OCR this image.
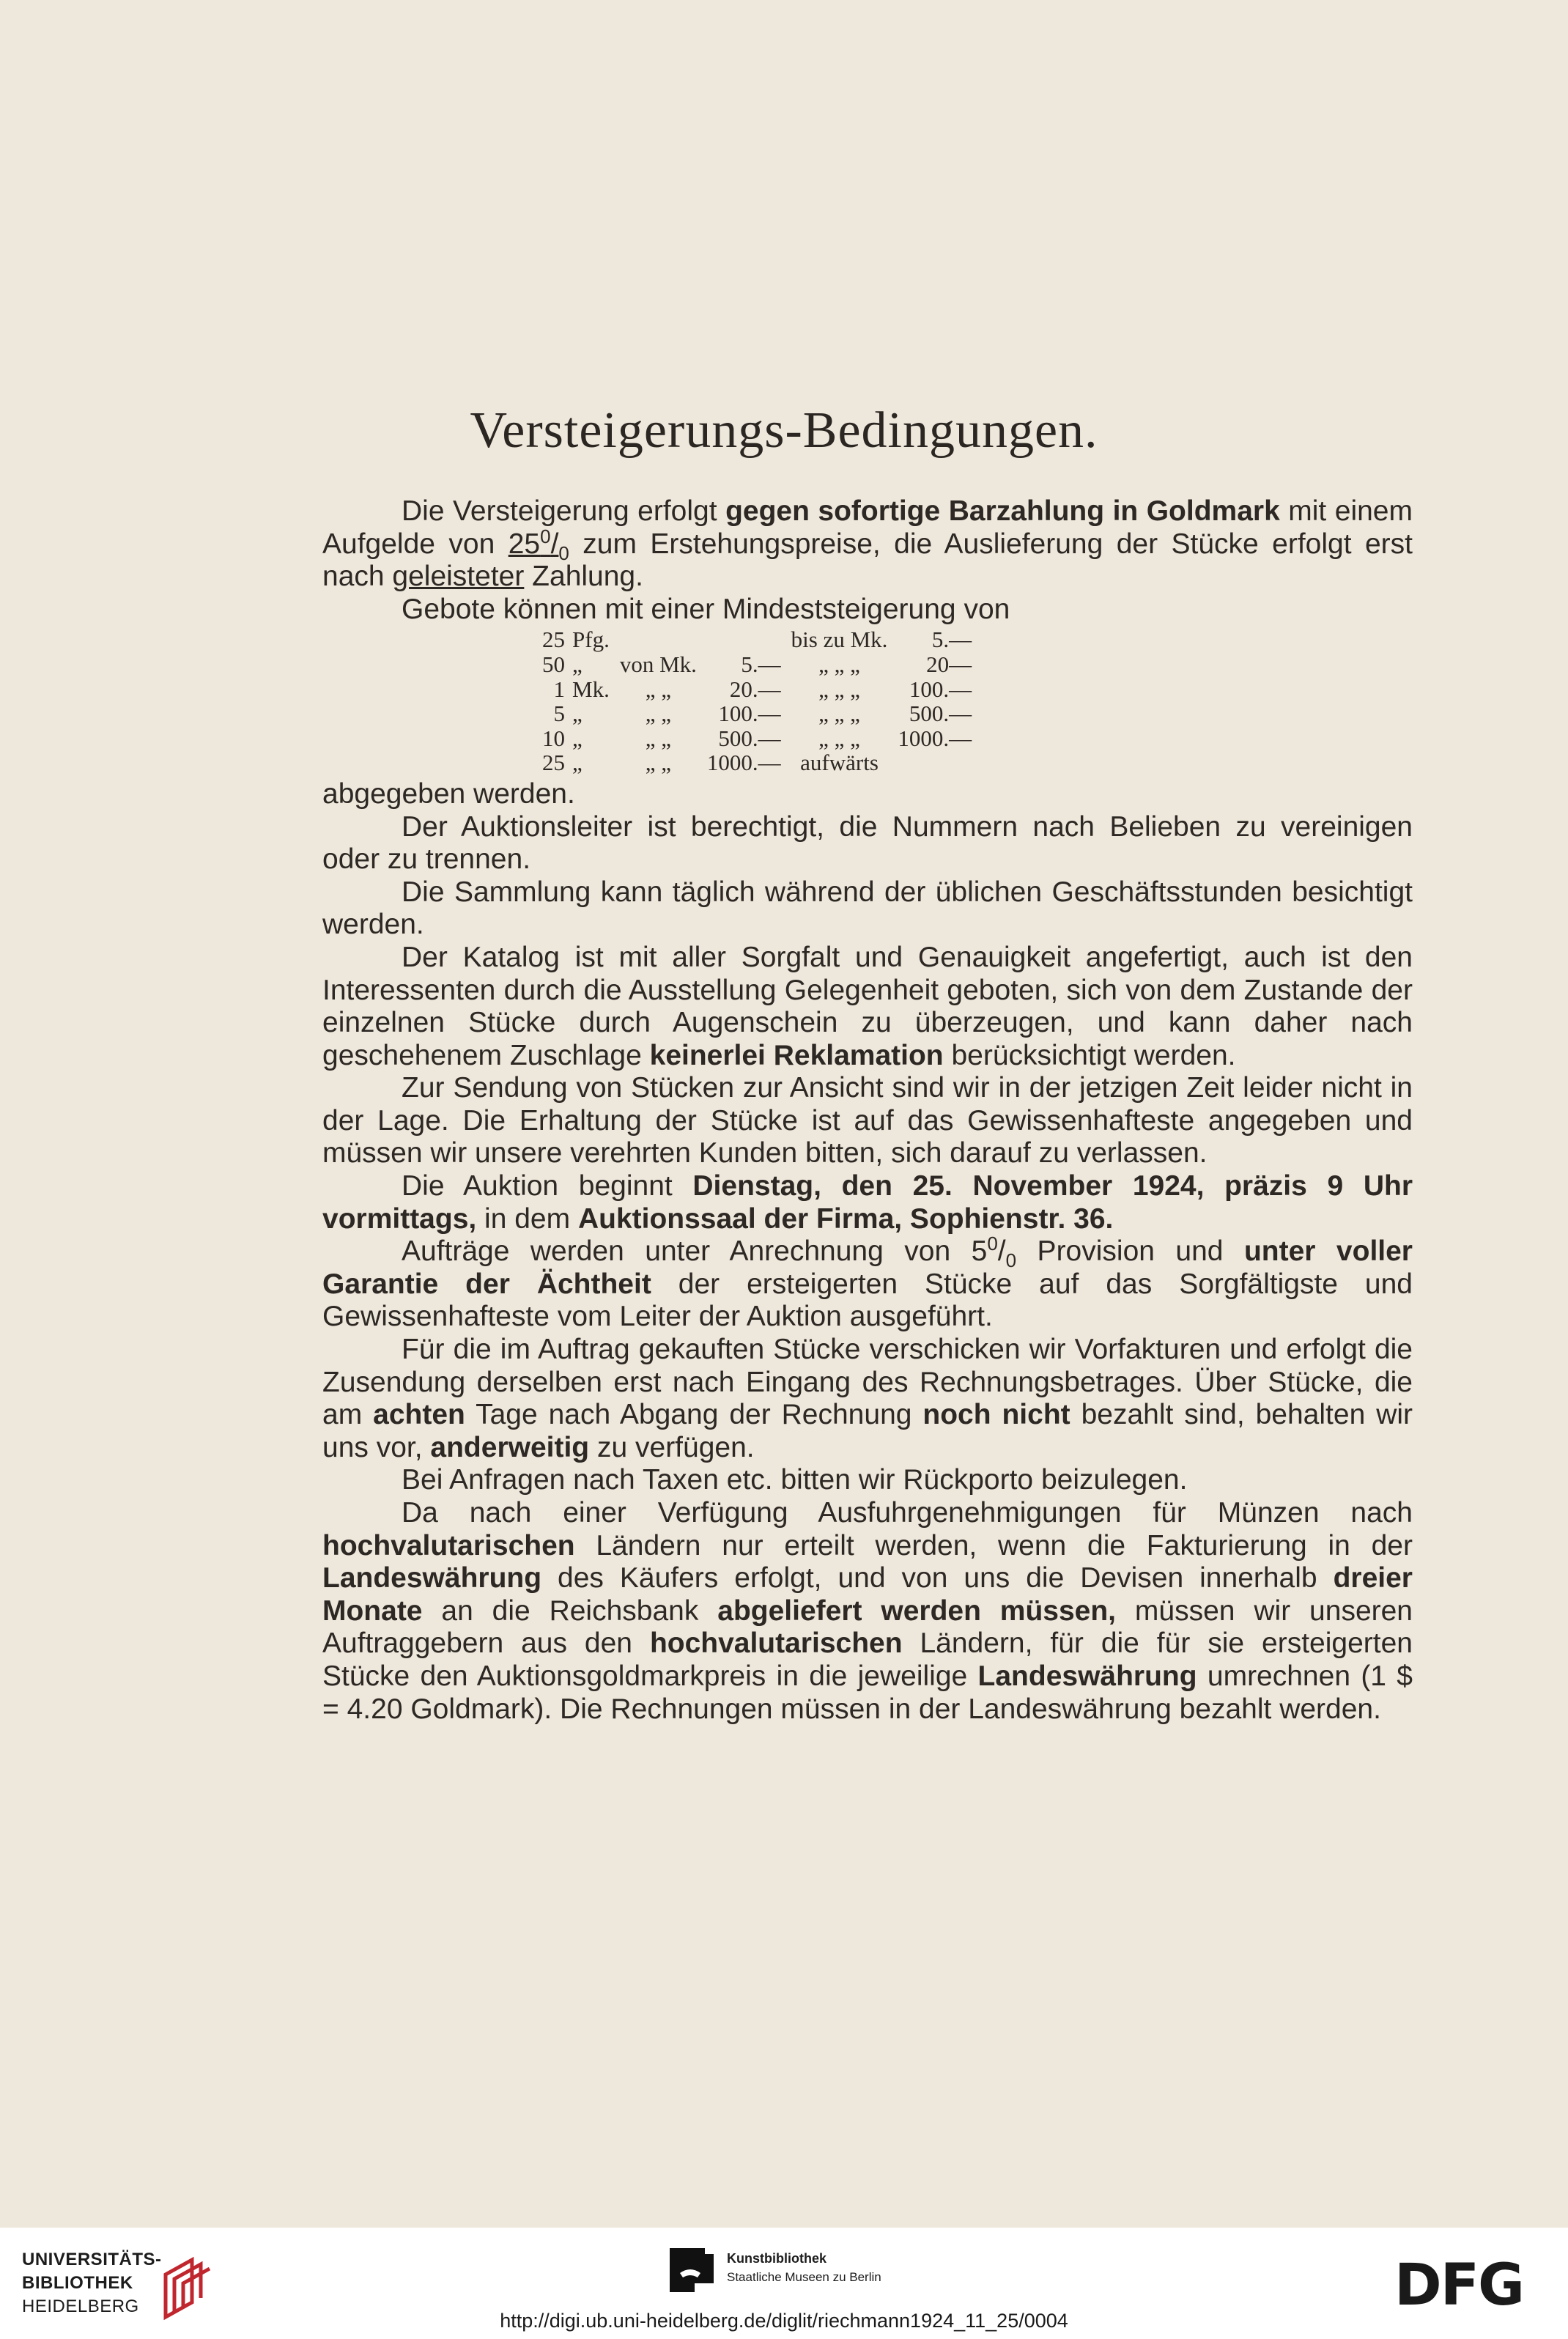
Versteigerungs-Bedingungen.

Die Versteigerung erfolgt gegen sofortige Barzahlung in Goldmark mit einem Aufgelde von $25^0/_0$ zum Erstehungspreise, die Auslieferung der Stücke erfolgt erst nach geleisteter Zahlung.

Gebote können mit einer Mindeststeigerung von

25	Pfg.			bis zu Mk.	5.—
50	„	von Mk.	5.—	„ „ „	20—
1	Mk.	„ „	20.—	„ „ „	100.—
5	„	„ „	100.—	„ „ „	500.—
10	„	„ „	500.—	„ „ „	1000.—
25	„	„ „	1000.—	aufwärts	

abgegeben werden.

Der Auktionsleiter ist berechtigt, die Nummern nach Belieben zu vereinigen oder zu trennen.

Die Sammlung kann täglich während der üblichen Geschäftsstunden besichtigt werden.

Der Katalog ist mit aller Sorgfalt und Genauigkeit angefertigt, auch ist den Interessenten durch die Ausstellung Gelegenheit geboten, sich von dem Zustande der einzelnen Stücke durch Augenschein zu überzeugen, und kann daher nach geschehenem Zuschlage keinerlei Reklamation berücksichtigt werden.

Zur Sendung von Stücken zur Ansicht sind wir in der jetzigen Zeit leider nicht in der Lage. Die Erhaltung der Stücke ist auf das Gewissenhafteste angegeben und müssen wir unsere verehrten Kunden bitten, sich darauf zu verlassen.

Die Auktion beginnt Dienstag, den 25. November 1924, präzis 9 Uhr vormittags, in dem Auktionssaal der Firma, Sophienstr. 36.

Aufträge werden unter Anrechnung von $5^0/_0$ Provision und unter voller Garantie der Ächtheit der ersteigerten Stücke auf das Sorgfältigste und Gewissenhafteste vom Leiter der Auktion ausgeführt.

Für die im Auftrag gekauften Stücke verschicken wir Vorfakturen und erfolgt die Zusendung derselben erst nach Eingang des Rechnungsbetrages. Über Stücke, die am achten Tage nach Abgang der Rechnung noch nicht bezahlt sind, behalten wir uns vor, anderweitig zu verfügen.

Bei Anfragen nach Taxen etc. bitten wir Rückporto beizulegen.

Da nach einer Verfügung Ausfuhrgenehmigungen für Münzen nach hochvalutarischen Ländern nur erteilt werden, wenn die Fakturierung in der Landeswährung des Käufers erfolgt, und von uns die Devisen innerhalb dreier Monate an die Reichsbank abgeliefert werden müssen, müssen wir unseren Auftraggebern aus den hochvalutarischen Ländern, für die für sie ersteigerten Stücke den Auktionsgoldmarkpreis in die jeweilige Landeswährung umrechnen (1 $ = 4.20 Goldmark). Die Rechnungen müssen in der Landeswährung bezahlt werden.

UNIVERSITÄTS-
BIBLIOTHEK
HEIDELBERG
Kunstbibliothek
Staatliche Museen zu Berlin	DFG
http://digi.ub.uni-heidelberg.de/diglit/riechmann1924_11_25/0004
